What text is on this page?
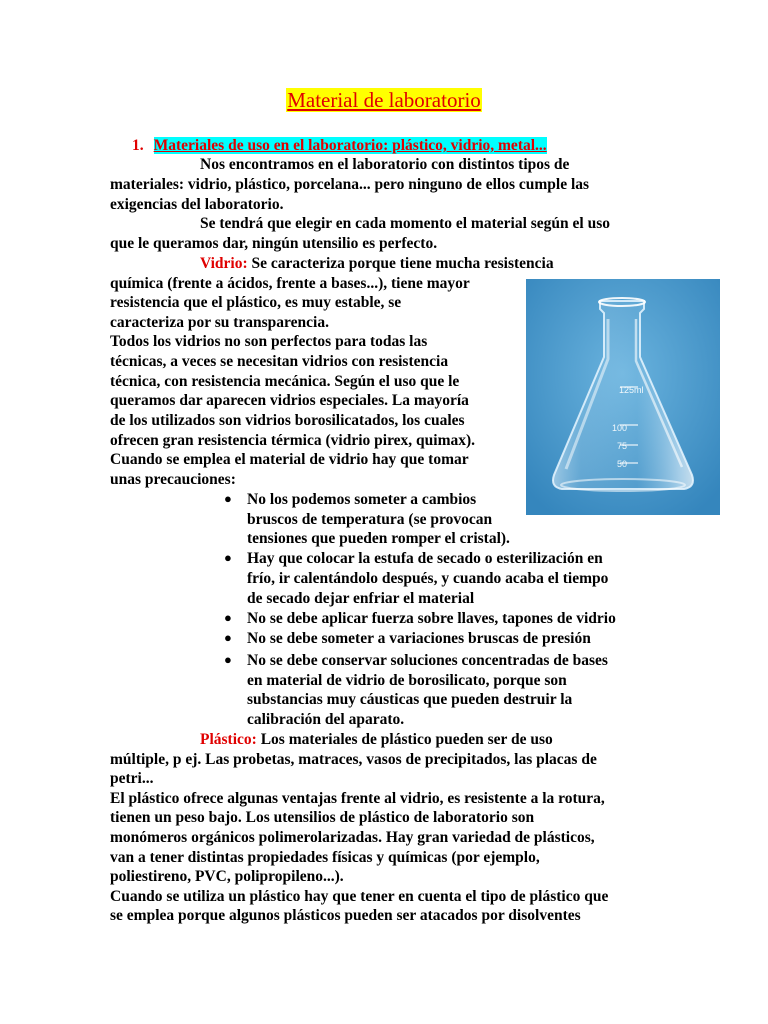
Material de laboratorio
1. Materiales de uso en el laboratorio: plástico, vidrio, metal...
Nos encontramos en el laboratorio con distintos tipos de
materiales: vidrio, plástico, porcelana... pero ninguno de ellos cumple las
exigencias del laboratorio.
Se tendrá que elegir en cada momento el material según el uso
que le queramos dar, ningún utensilio es perfecto.
Vidrio: Se caracteriza porque tiene mucha resistencia
química (frente a ácidos, frente a bases...), tiene mayor
resistencia que el plástico, es muy estable, se
caracteriza por su transparencia.
Todos los vidrios no son perfectos para todas las
técnicas, a veces se necesitan vidrios con resistencia
técnica, con resistencia mecánica. Según el uso que le
queramos dar aparecen vidrios especiales. La mayoría
de los utilizados son vidrios borosilicatados, los cuales
ofrecen gran resistencia térmica (vidrio pirex, quimax).
Cuando se emplea el material de vidrio hay que tomar
unas precauciones:
125ml
100
75
50
● No los podemos someter a cambios
bruscos de temperatura (se provocan
tensiones que pueden romper el cristal).
● Hay que colocar la estufa de secado o esterilización en
frío, ir calentándolo después, y cuando acaba el tiempo
de secado dejar enfriar el material
● No se debe aplicar fuerza sobre llaves, tapones de vidrio
● No se debe someter a variaciones bruscas de presión
● No se debe conservar soluciones concentradas de bases
en material de vidrio de borosilicato, porque son
substancias muy cáusticas que pueden destruir la
calibración del aparato.
Plástico: Los materiales de plástico pueden ser de uso
múltiple, p ej. Las probetas, matraces, vasos de precipitados, las placas de
petri...
El plástico ofrece algunas ventajas frente al vidrio, es resistente a la rotura,
tienen un peso bajo. Los utensilios de plástico de laboratorio son
monómeros orgánicos polimerolarizadas. Hay gran variedad de plásticos,
van a tener distintas propiedades físicas y químicas (por ejemplo,
poliestireno, PVC, polipropileno...).
Cuando se utiliza un plástico hay que tener en cuenta el tipo de plástico que
se emplea porque algunos plásticos pueden ser atacados por disolventes
